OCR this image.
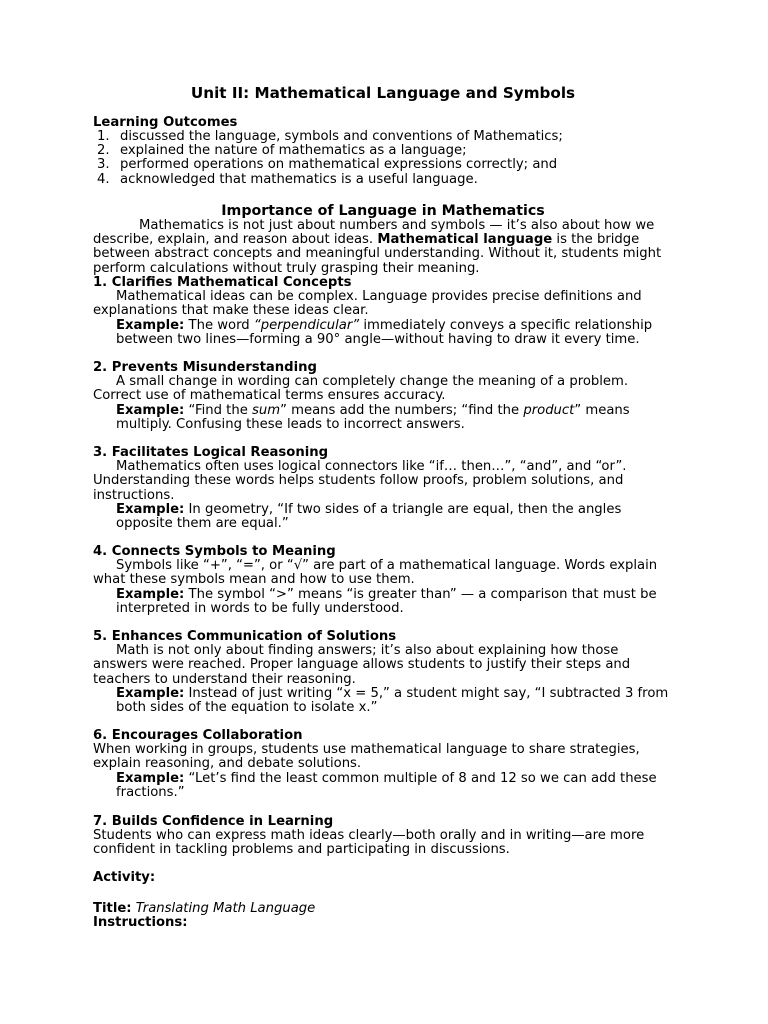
Unit II: Mathematical Language and Symbols
Learning Outcomes
1. discussed the language, symbols and conventions of Mathematics;
2. explained the nature of mathematics as a language;
3. performed operations on mathematical expressions correctly; and
4. acknowledged that mathematics is a useful language.
Importance of Language in Mathematics
Mathematics is not just about numbers and symbols — it’s also about how we describe, explain, and reason about ideas. Mathematical language is the bridge between abstract concepts and meaningful understanding. Without it, students might perform calculations without truly grasping their meaning.
1. Clarifies Mathematical Concepts
Mathematical ideas can be complex. Language provides precise definitions and explanations that make these ideas clear.
Example: The word “perpendicular” immediately conveys a specific relationship between two lines—forming a 90° angle—without having to draw it every time.
2. Prevents Misunderstanding
A small change in wording can completely change the meaning of a problem. Correct use of mathematical terms ensures accuracy.
Example: “Find the sum” means add the numbers; “find the product” means multiply. Confusing these leads to incorrect answers.
3. Facilitates Logical Reasoning
Mathematics often uses logical connectors like “if… then…”, “and”, and “or”. Understanding these words helps students follow proofs, problem solutions, and instructions.
Example: In geometry, “If two sides of a triangle are equal, then the angles opposite them are equal.”
4. Connects Symbols to Meaning
Symbols like “+”, “=”, or “√” are part of a mathematical language. Words explain what these symbols mean and how to use them.
Example: The symbol “>” means “is greater than” — a comparison that must be interpreted in words to be fully understood.
5. Enhances Communication of Solutions
Math is not only about finding answers; it’s also about explaining how those answers were reached. Proper language allows students to justify their steps and teachers to understand their reasoning.
Example: Instead of just writing “x = 5,” a student might say, “I subtracted 3 from both sides of the equation to isolate x.”
6. Encourages Collaboration
When working in groups, students use mathematical language to share strategies, explain reasoning, and debate solutions.
Example: “Let’s find the least common multiple of 8 and 12 so we can add these fractions.”
7. Builds Confidence in Learning
Students who can express math ideas clearly—both orally and in writing—are more confident in tackling problems and participating in discussions.
Activity:
Title: Translating Math Language
Instructions:
